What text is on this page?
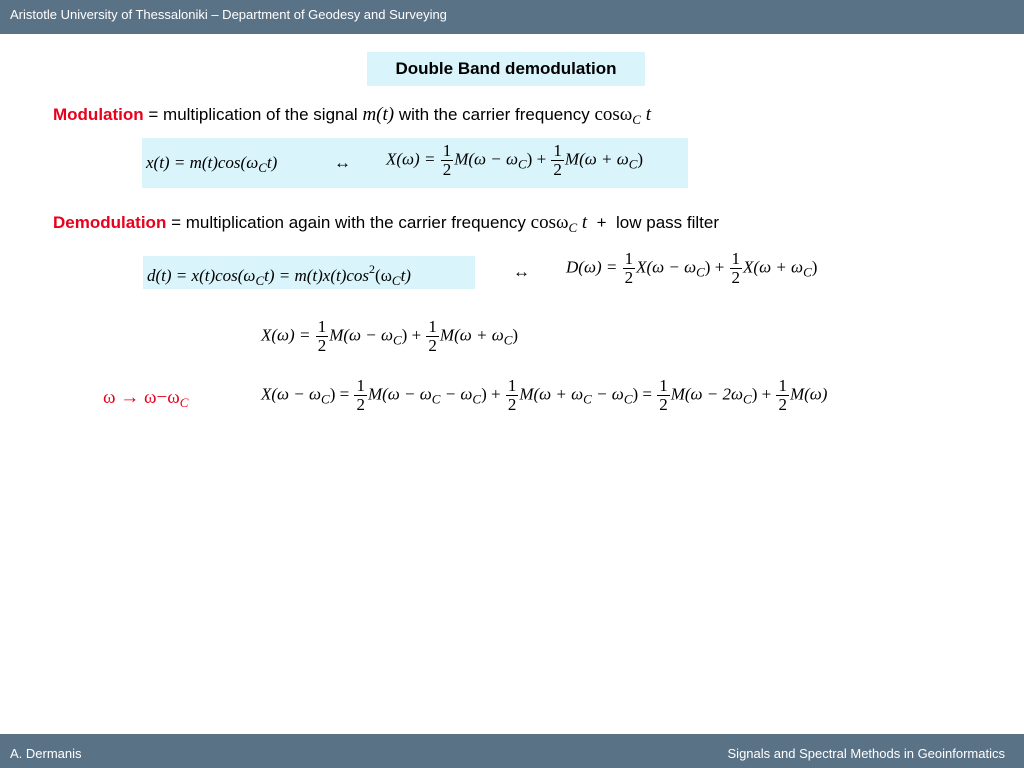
Aristotle University of Thessaloniki – Department of Geodesy and Surveying
Double Band demodulation
Modulation = multiplication of the signal m(t) with the carrier frequency cosω$_C$ t
$x(t) = m(t)\cos(\omega_Ct)$	↔ $X(\omega) = \frac{1}{2} M(\omega - \omega_C) + \frac{1}{2} M(\omega + \omega_C)$
Demodulation = multiplication again with the carrier frequency cosω$_C$ t + low pass filter
$d(t) = x(t)\cos(\omega_Ct) = m(t)x(t)\cos^2(\omega_Ct)$	↔ $D(\omega) = \frac{1}{2} X(\omega - \omega_C) + \frac{1}{2} X(\omega + \omega_C)$
$X(\omega) = \frac{1}{2} M(\omega - \omega_C) + \frac{1}{2} M(\omega + \omega_C)$
$\omega \to \omega-\omega_C$	$X(\omega - \omega_C) = \frac{1}{2} M(\omega - \omega_C - \omega_C) + \frac{1}{2} M(\omega + \omega_C - \omega_C) = \frac{1}{2} M(\omega - 2\omega_C) + \frac{1}{2} M(\omega)$
A. Dermanis	Signals and Spectral Methods in Geoinformatics
